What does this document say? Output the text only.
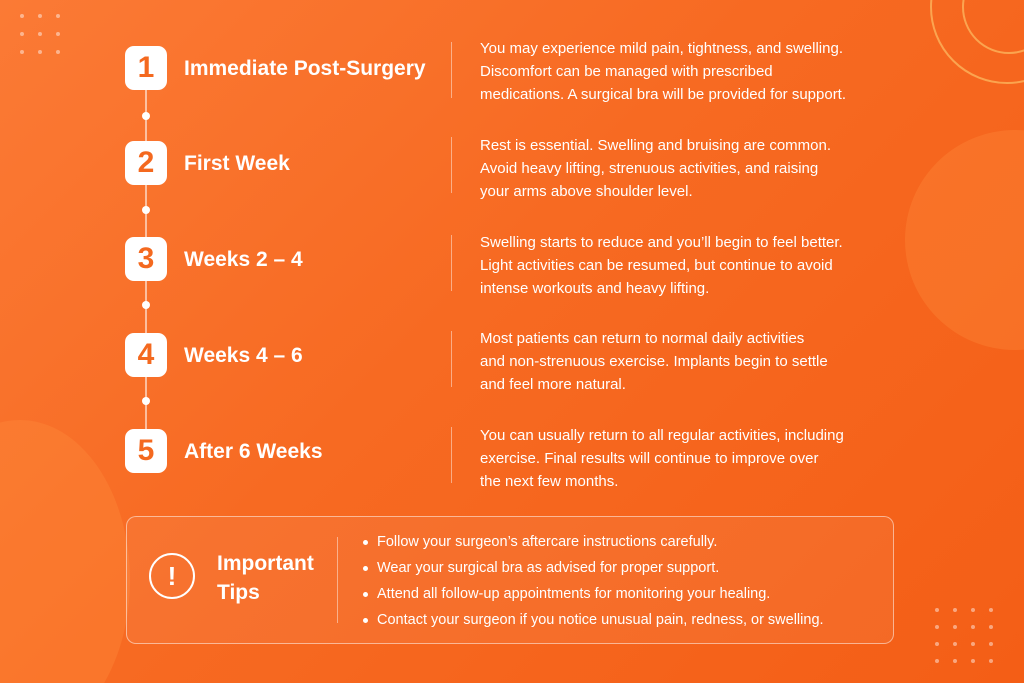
1	Immediate Post-Surgery
You may experience mild pain, tightness, and swelling.
Discomfort can be managed with prescribed
medications. A surgical bra will be provided for support.
2	First Week
Rest is essential. Swelling and bruising are common.
Avoid heavy lifting, strenuous activities, and raising
your arms above shoulder level.
3	Weeks 2 – 4
Swelling starts to reduce and you’ll begin to feel better.
Light activities can be resumed, but continue to avoid
intense workouts and heavy lifting.
4	Weeks 4 – 6
Most patients can return to normal daily activities
and non-strenuous exercise. Implants begin to settle
and feel more natural.
5	After 6 Weeks
You can usually return to all regular activities, including
exercise. Final results will continue to improve over
the next few months.
!	Important
Tips
Follow your surgeon’s aftercare instructions carefully.
Wear your surgical bra as advised for proper support.
Attend all follow-up appointments for monitoring your healing.
Contact your surgeon if you notice unusual pain, redness, or swelling.
